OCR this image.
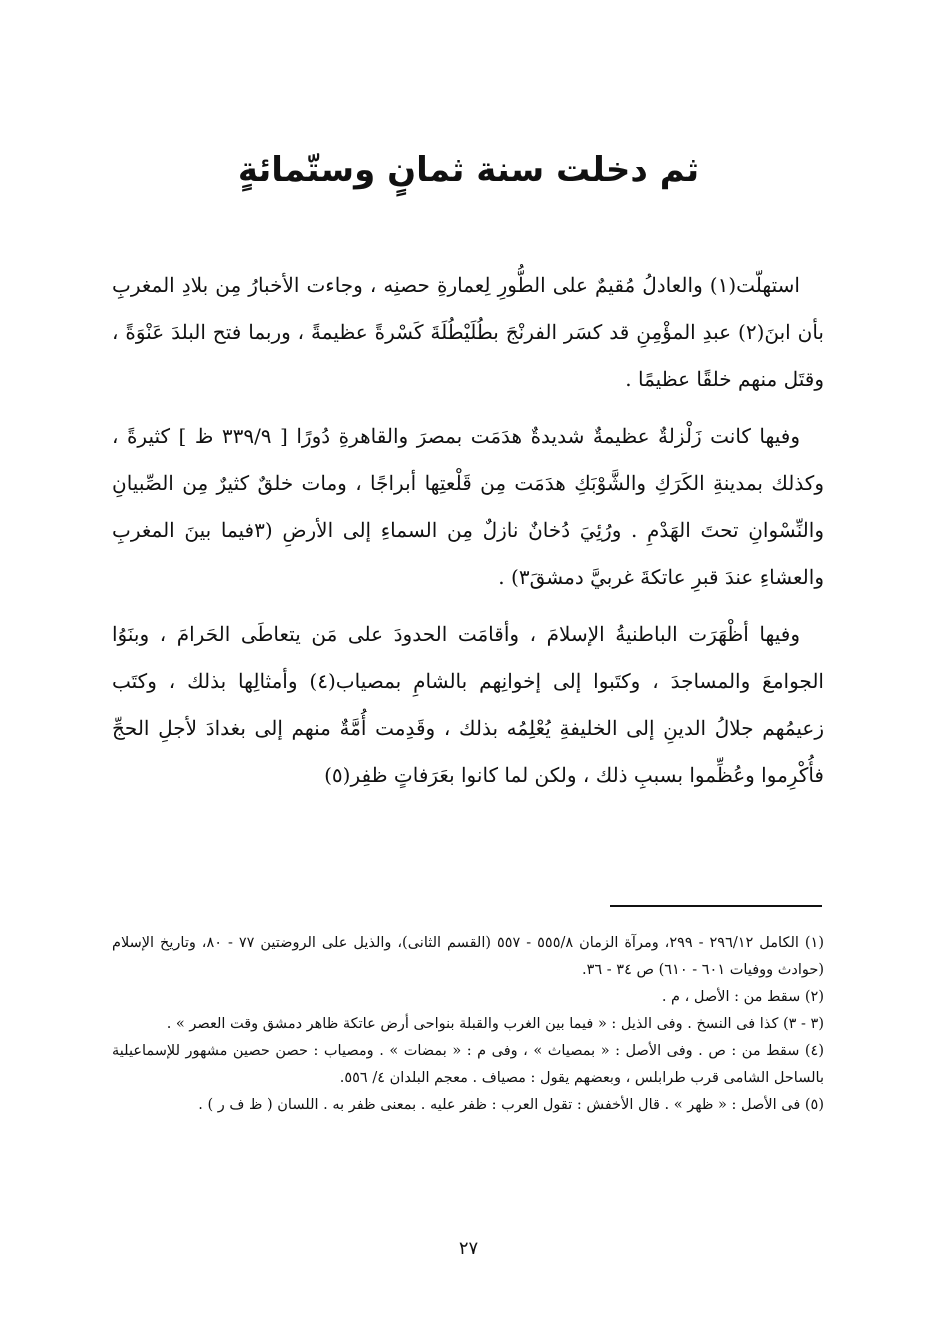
ثم دخلت سنة ثمانٍ وستّمائةٍ

استهلّت(١) والعادلُ مُقيمٌ على الطُّورِ لِعمارةِ حصنِه ، وجاءت الأخبارُ مِن بلادِ المغربِ بأن ابنَ(٢) عبدِ المؤْمِنِ قد كسَر الفرنْجَ بطُلَيْطُلَةَ كَسْرةً عظيمةً ، وربما فتح البلدَ عَنْوَةً ، وقتَل منهم خلقًا عظيمًا .

وفيها كانت زَلْزلةٌ عظيمةٌ شديدةٌ هدَمَت بمصرَ والقاهرةِ دُورًا [ ٣٣٩/٩ ظ ] كثيرةً ، وكذلك بمدينةِ الكَرَكِ والشَّوْبَكِ هدَمَت مِن قَلْعتِها أبراجًا ، ومات خلقٌ كثيرٌ مِن الصِّبيانِ والنِّسْوانِ تحتَ الهَدْمِ . ورُئِيَ دُخانٌ نازلٌ مِن السماءِ إلى الأرضِ (٣فيما بينَ المغربِ والعشاءِ عندَ قبرِ عاتكةَ غربيَّ دمشقَ٣) .

وفيها أظْهَرَت الباطنيةُ الإسلامَ ، وأقامَت الحدودَ على مَن يتعاطَى الحَرامَ ، وبنَوُا الجوامعَ والمساجدَ ، وكتَبوا إلى إخوانِهم بالشامِ بمصياب(٤) وأمثالِها بذلك ، وكتَب زعيمُهم جلالُ الدينِ إلى الخليفةِ يُعْلِمُه بذلك ، وقَدِمت أُمَّةٌ منهم إلى بغدادَ لأجلِ الحجِّ فأُكْرِموا وعُظِّموا بسببِ ذلك ، ولكن لما كانوا بعَرَفاتٍ ظفِر(٥)

(١) الكامل ٢٩٦/١٢ - ٢٩٩، ومرآة الزمان ٥٥٥/٨ - ٥٥٧ (القسم الثانى)، والذيل على الروضتين ٧٧ - ٨٠، وتاريخ الإسلام (حوادث ووفيات ٦٠١ - ٦١٠) ص ٣٤ - ٣٦.
(٢) سقط من : الأصل ، م .
(٣ - ٣) كذا فى النسخ . وفى الذيل : « فيما بين الغرب والقبلة بنواحى أرض عاتكة ظاهر دمشق وقت العصر » .
(٤) سقط من : ص . وفى الأصل : « بمصياث » ، وفى م : « بمضات » . ومصياب : حصن حصين مشهور للإسماعيلية بالساحل الشامى قرب طرابلس ، وبعضهم يقول : مصياف . معجم البلدان ٤/ ٥٥٦.
(٥) فى الأصل : « ظهر » . قال الأخفش : تقول العرب : ظفر عليه . بمعنى ظفر به . اللسان ( ظ ف ر ) .
٢٧
